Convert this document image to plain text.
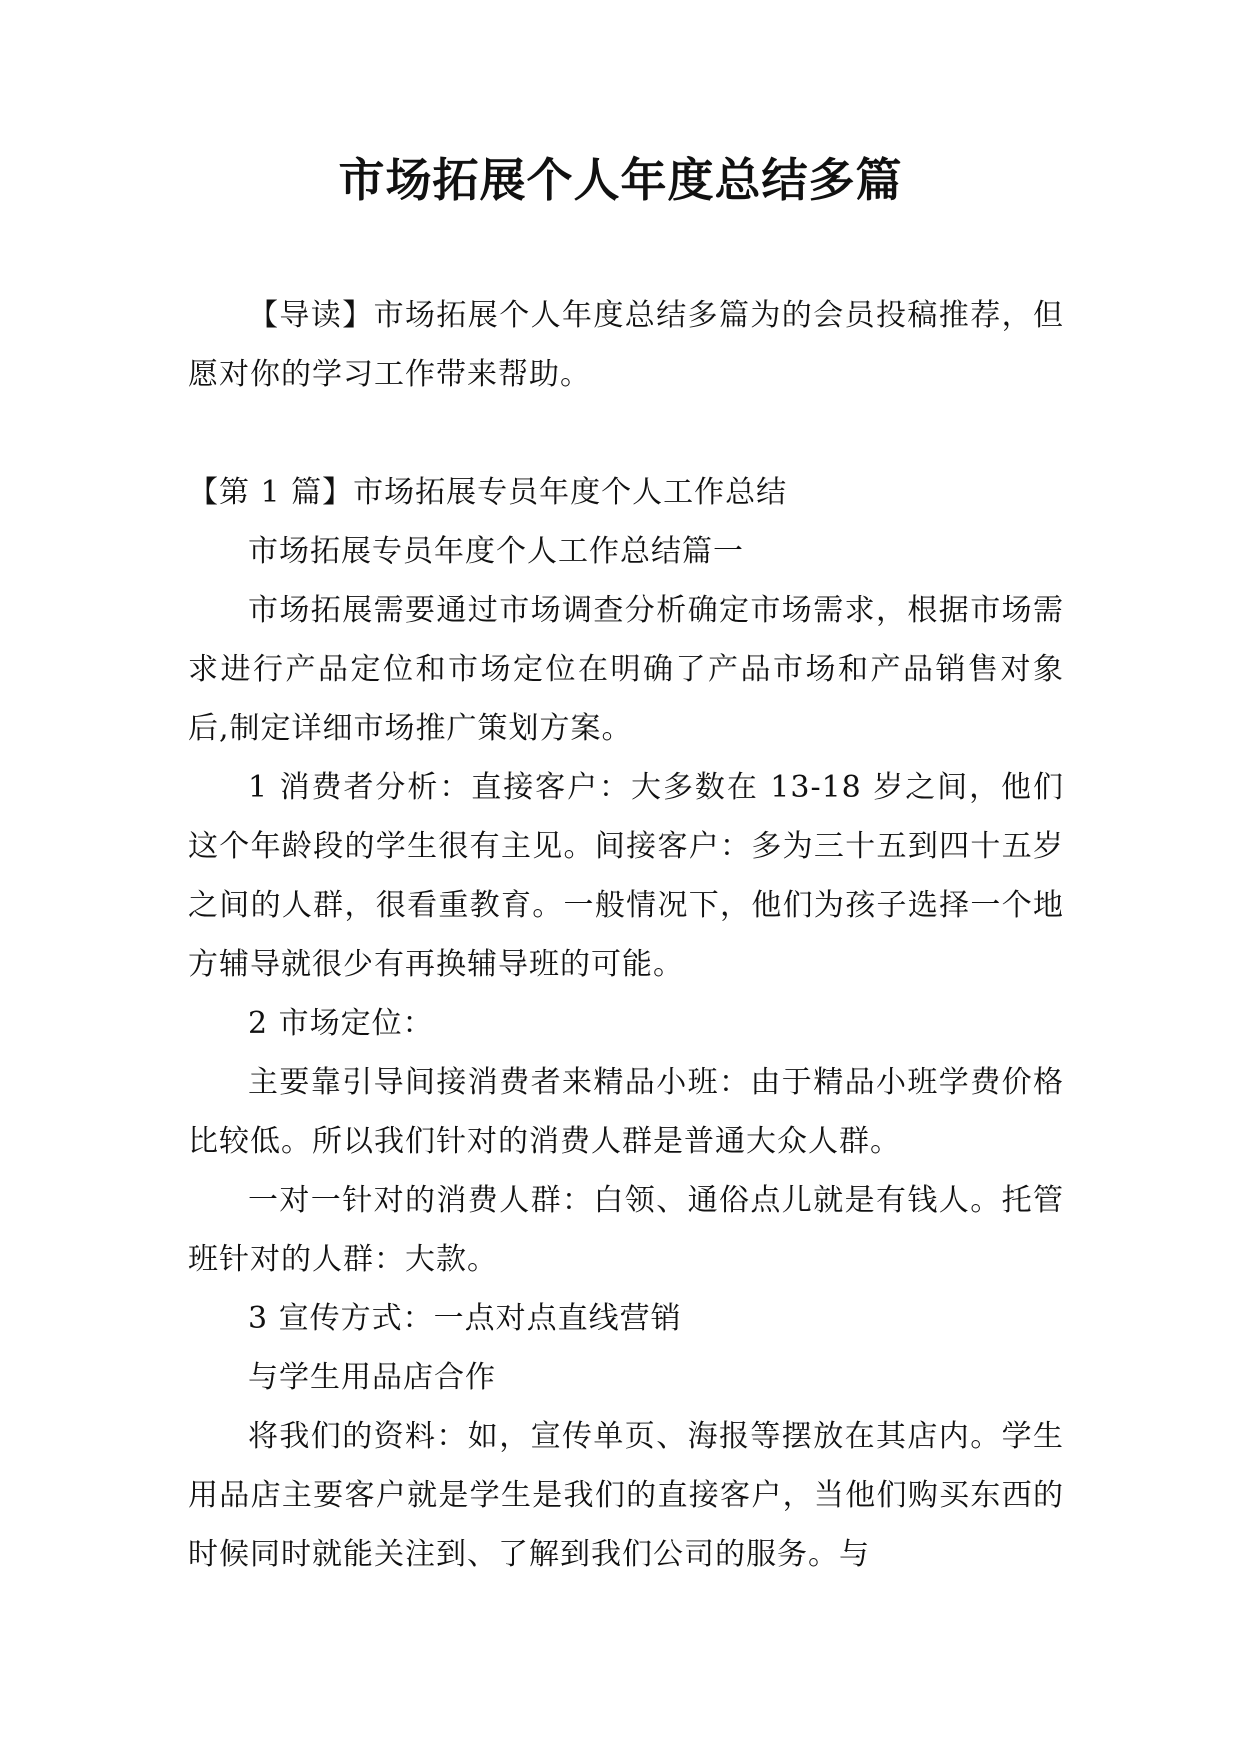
市场拓展个人年度总结多篇

【导读】市场拓展个人年度总结多篇为的会员投稿推荐，但愿对你的学习工作带来帮助。

【第 1 篇】市场拓展专员年度个人工作总结

市场拓展专员年度个人工作总结篇一

市场拓展需要通过市场调查分析确定市场需求，根据市场需求进行产品定位和市场定位在明确了产品市场和产品销售对象后,制定详细市场推广策划方案。

1 消费者分析：直接客户：大多数在 13-18 岁之间，他们这个年龄段的学生很有主见。间接客户：多为三十五到四十五岁之间的人群，很看重教育。一般情况下，他们为孩子选择一个地方辅导就很少有再换辅导班的可能。

2 市场定位：

主要靠引导间接消费者来精品小班：由于精品小班学费价格比较低。所以我们针对的消费人群是普通大众人群。

一对一针对的消费人群：白领、通俗点儿就是有钱人。托管班针对的人群：大款。

3 宣传方式：一点对点直线营销

与学生用品店合作

将我们的资料：如，宣传单页、海报等摆放在其店内。学生用品店主要客户就是学生是我们的直接客户，当他们购买东西的时候同时就能关注到、了解到我们公司的服务。与
